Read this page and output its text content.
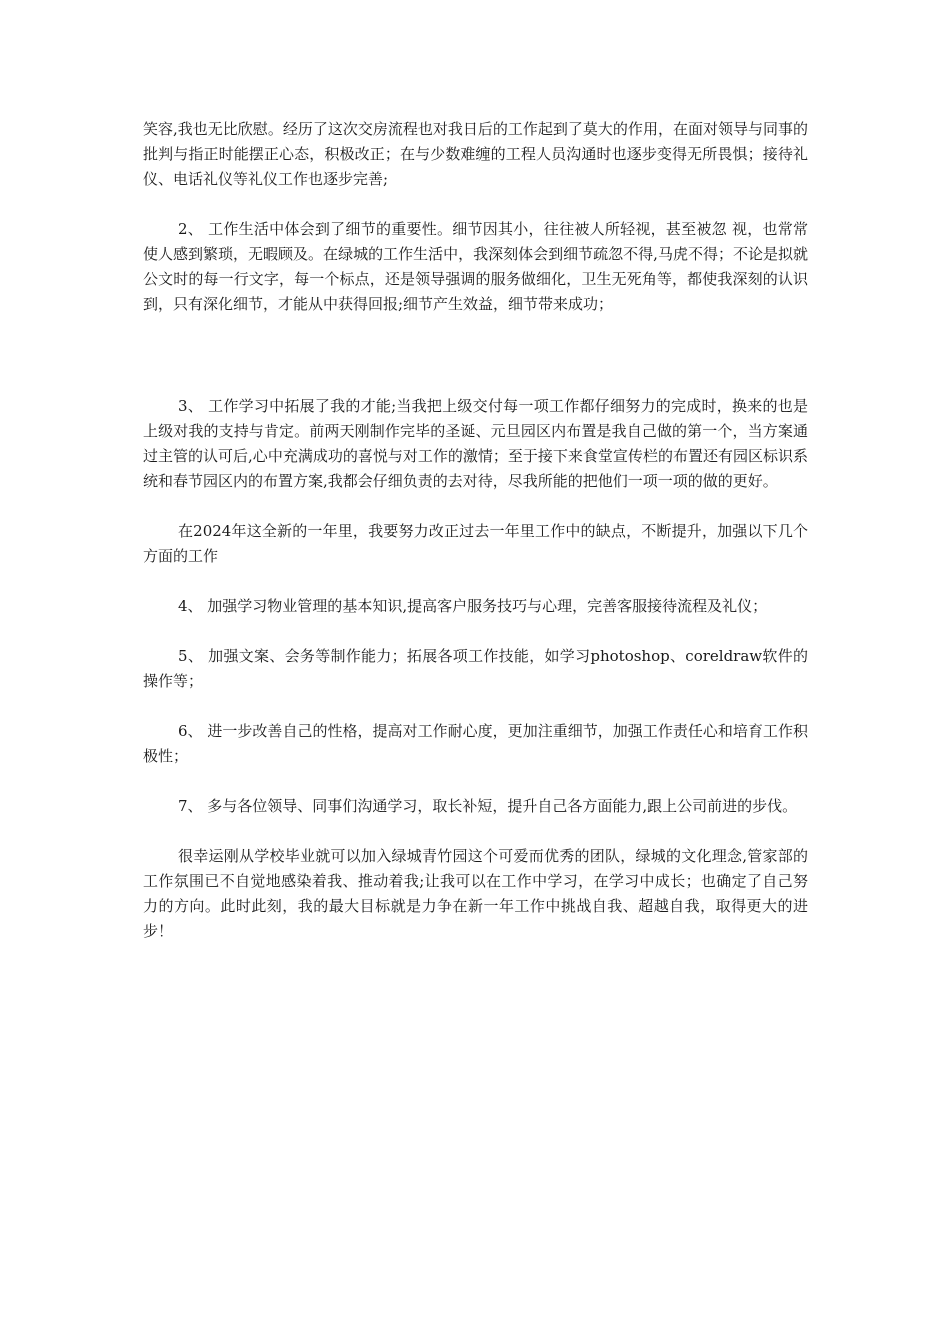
笑容,我也无比欣慰。经历了这次交房流程也对我日后的工作起到了莫大的作用，在面对领导与同事的批判与指正时能摆正心态，积极改正；在与少数难缠的工程人员沟通时也逐步变得无所畏惧；接待礼仪、电话礼仪等礼仪工作也逐步完善;

2、 工作生活中体会到了细节的重要性。细节因其小，往往被人所轻视，甚至被忽 视，也常常使人感到繁琐，无暇顾及。在绿城的工作生活中，我深刻体会到细节疏忽不得,马虎不得；不论是拟就公文时的每一行文字，每一个标点，还是领导强调的服务做细化，卫生无死角等，都使我深刻的认识到，只有深化细节，才能从中获得回报;细节产生效益，细节带来成功；

3、 工作学习中拓展了我的才能;当我把上级交付每一项工作都仔细努力的完成时，换来的也是上级对我的支持与肯定。前两天刚制作完毕的圣诞、元旦园区内布置是我自己做的第一个，当方案通过主管的认可后,心中充满成功的喜悦与对工作的激情；至于接下来食堂宣传栏的布置还有园区标识系统和春节园区内的布置方案,我都会仔细负责的去对待，尽我所能的把他们一项一项的做的更好。

在2024年这全新的一年里，我要努力改正过去一年里工作中的缺点，不断提升，加强以下几个方面的工作

4、 加强学习物业管理的基本知识,提高客户服务技巧与心理，完善客服接待流程及礼仪；

5、 加强文案、会务等制作能力；拓展各项工作技能，如学习photoshop、coreldraw软件的操作等；

6、 进一步改善自己的性格，提高对工作耐心度，更加注重细节，加强工作责任心和培育工作积极性；

7、 多与各位领导、同事们沟通学习，取长补短，提升自己各方面能力,跟上公司前进的步伐。

很幸运刚从学校毕业就可以加入绿城青竹园这个可爱而优秀的团队，绿城的文化理念,管家部的工作氛围已不自觉地感染着我、推动着我;让我可以在工作中学习，在学习中成长；也确定了自己努力的方向。此时此刻，我的最大目标就是力争在新一年工作中挑战自我、超越自我，取得更大的进步！
